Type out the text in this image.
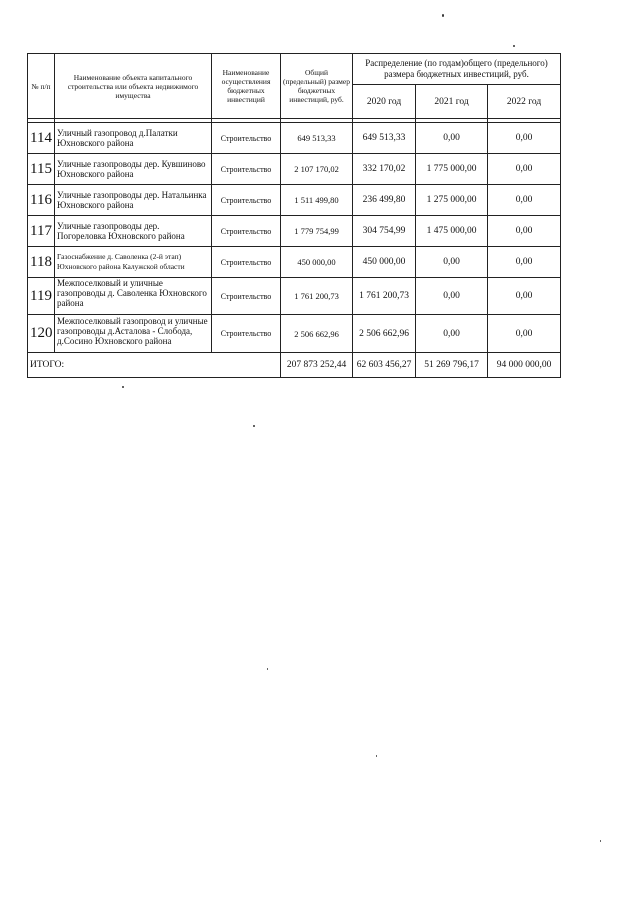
№ п/п	Наименование объекта капитального строительства или объекта недвижимого имущества	Наименование осуществления бюджетных инвестиций	Общий (предельный) размер бюджетных инвестиций, руб.	Распределение (по годам)общего (предельного) размера бюджетных инвестиций, руб.		
				2020 год	2021 год	2022 год

114	Уличный газопровод д.Палатки Юхновского района	Строительство	649 513,33	649 513,33	0,00	0,00
115	Уличные газопроводы дер. Кувшиново Юхновского района	Строительство	2 107 170,02	332 170,02	1 775 000,00	0,00
116	Уличные газопроводы дер. Натальинка Юхновского района	Строительство	1 511 499,80	236 499,80	1 275 000,00	0,00
117	Уличные газопроводы дер. Погореловка Юхновского района	Строительство	1 779 754,99	304 754,99	1 475 000,00	0,00
118	Газоснабжение д. Саволенка (2-й этап) Юхновского района Калужской области	Строительство	450 000,00	450 000,00	0,00	0,00
119	Межпоселковый и уличные газопроводы д. Саволенка Юхновского района	Строительство	1 761 200,73	1 761 200,73	0,00	0,00
120	Межпоселковый газопровод и уличные газопроводы д.Асталова - Слобода, д.Сосино Юхновского района	Строительство	2 506 662,96	2 506 662,96	0,00	0,00
ИТОГО:			207 873 252,44	62 603 456,27	51 269 796,17	94 000 000,00
